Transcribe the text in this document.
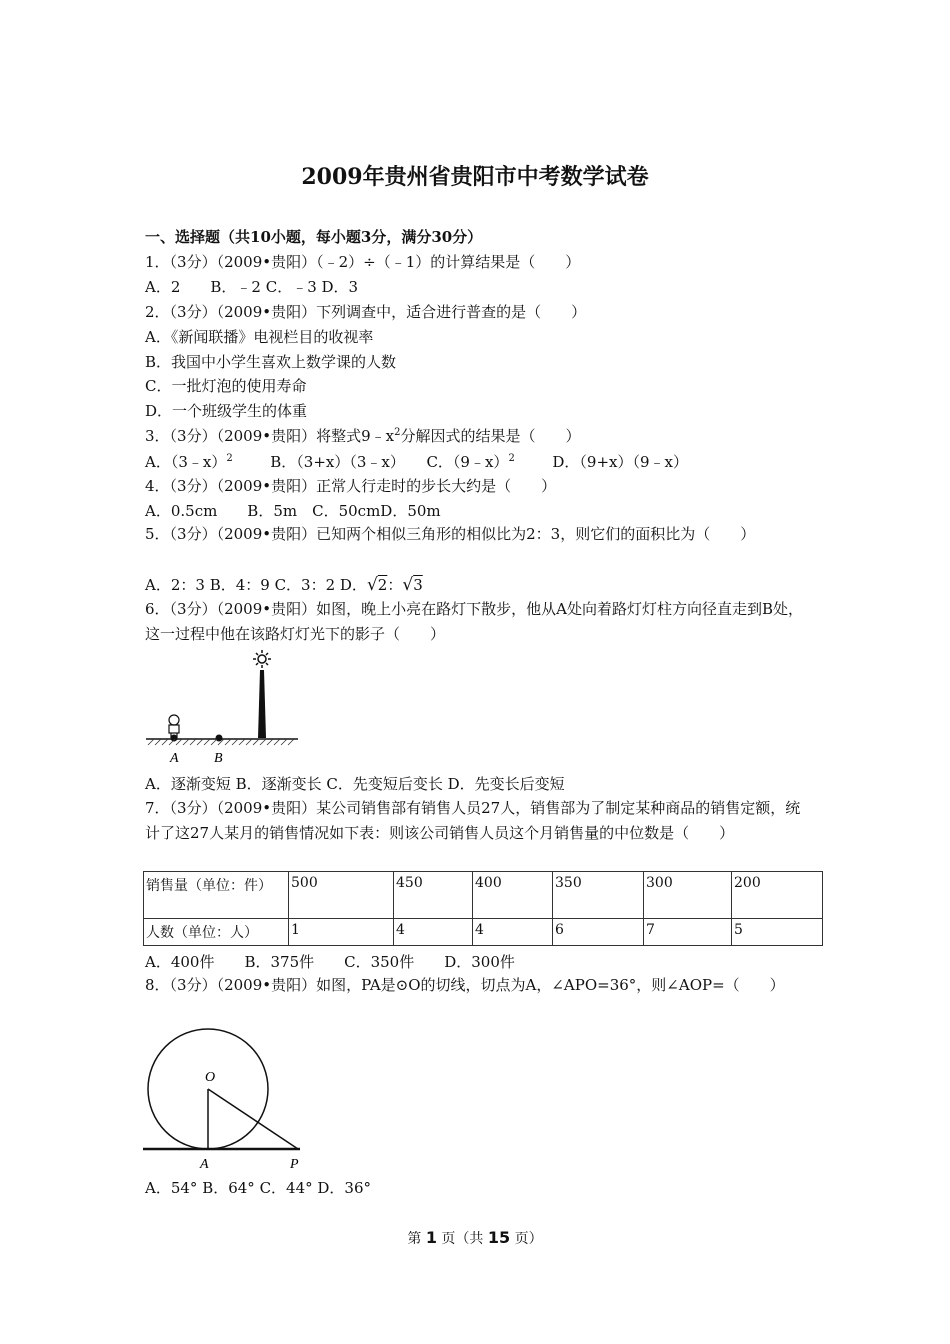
2009年贵州省贵阳市中考数学试卷
一、选择题（共10小题，每小题3分，满分30分）
1．（3分）（2009•贵阳）（﹣2）÷（﹣1）的计算结果是（　　）
A．2　　B．﹣2 C．﹣3 D．3
2．（3分）（2009•贵阳）下列调查中，适合进行普查的是（　　）
A．《新闻联播》电视栏目的收视率
B．我国中小学生喜欢上数学课的人数
C．一批灯泡的使用寿命
D．一个班级学生的体重
3．（3分）（2009•贵阳）将整式$9﹣x^2$分解因式的结果是（　　）
A．（3﹣x）$^2$	B．（3+x）（3﹣x） C．（9﹣x）$^2$	D．（9+x）（9﹣x）
4．（3分）（2009•贵阳）正常人行走时的步长大约是（　　）
A．0.5cm　　B．5m　C．50cmD．50m
5．（3分）（2009•贵阳）已知两个相似三角形的相似比为2：3，则它们的面积比为（　　）
A．2：3 B．4：9 C．3：2 D．√2：√3
6．（3分）（2009•贵阳）如图，晚上小亮在路灯下散步，他从A处向着路灯灯柱方向径直走到B处，这一过程中他在该路灯灯光下的影子（　　）
A	B
A．逐渐变短 B．逐渐变长 C．先变短后变长 D．先变长后变短
7．（3分）（2009•贵阳）某公司销售部有销售人员27人，销售部为了制定某种商品的销售定额，统计了这27人某月的销售情况如下表：则该公司销售人员这个月销售量的中位数是（　　）
销售量（单位：件）	500	450	400	350	300	200
人数（单位：人）	1	4	4	6	7	5
A．400件　　B．375件　　C．350件　　D．300件
8．（3分）（2009•贵阳）如图，PA是⊙O的切线，切点为A，∠APO=36°，则∠AOP=（　　）
O
A	P
A．54° B．64° C．44° D．36°
第 1 页（共 15 页）
